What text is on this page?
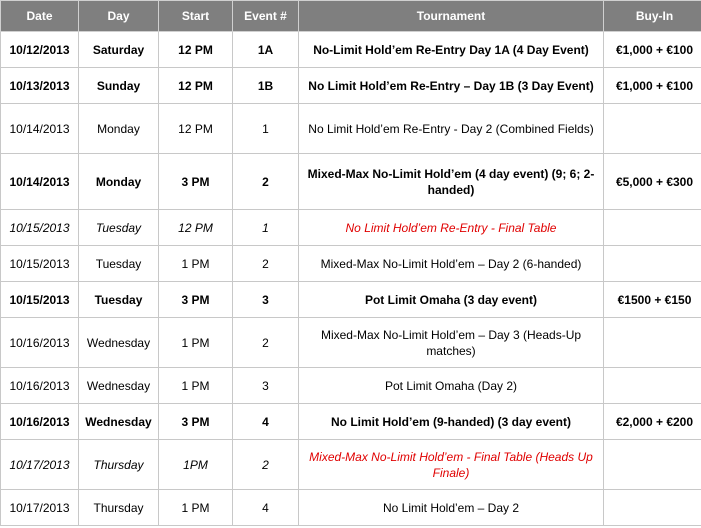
Date	Day	Start	Event #	Tournament	Buy-In
10/12/2013	Saturday	12 PM	1A	No-Limit Hold’em Re-Entry Day 1A (4 Day Event)	€1,000 + €100
10/13/2013	Sunday	12 PM	1B	No Limit Hold’em Re-Entry – Day 1B (3 Day Event)	€1,000 + €100
10/14/2013	Monday	12 PM	1	No Limit Hold’em Re-Entry - Day 2 (Combined Fields)	
10/14/2013	Monday	3 PM	2	Mixed-Max No-Limit Hold’em (4 day event) (9; 6; 2-handed)	€5,000 + €300
10/15/2013	Tuesday	12 PM	1	No Limit Hold’em Re-Entry - Final Table	
10/15/2013	Tuesday	1 PM	2	Mixed-Max No-Limit Hold’em – Day 2 (6-handed)	
10/15/2013	Tuesday	3 PM	3	Pot Limit Omaha (3 day event)	€1500 + €150
10/16/2013	Wednesday	1 PM	2	Mixed-Max No-Limit Hold’em – Day 3 (Heads-Up matches)	
10/16/2013	Wednesday	1 PM	3	Pot Limit Omaha (Day 2)	
10/16/2013	Wednesday	3 PM	4	No Limit Hold’em (9-handed) (3 day event)	€2,000 + €200
10/17/2013	Thursday	1PM	2	Mixed-Max No-Limit Hold’em - Final Table (Heads Up Finale)	
10/17/2013	Thursday	1 PM	4	No Limit Hold’em – Day 2	
